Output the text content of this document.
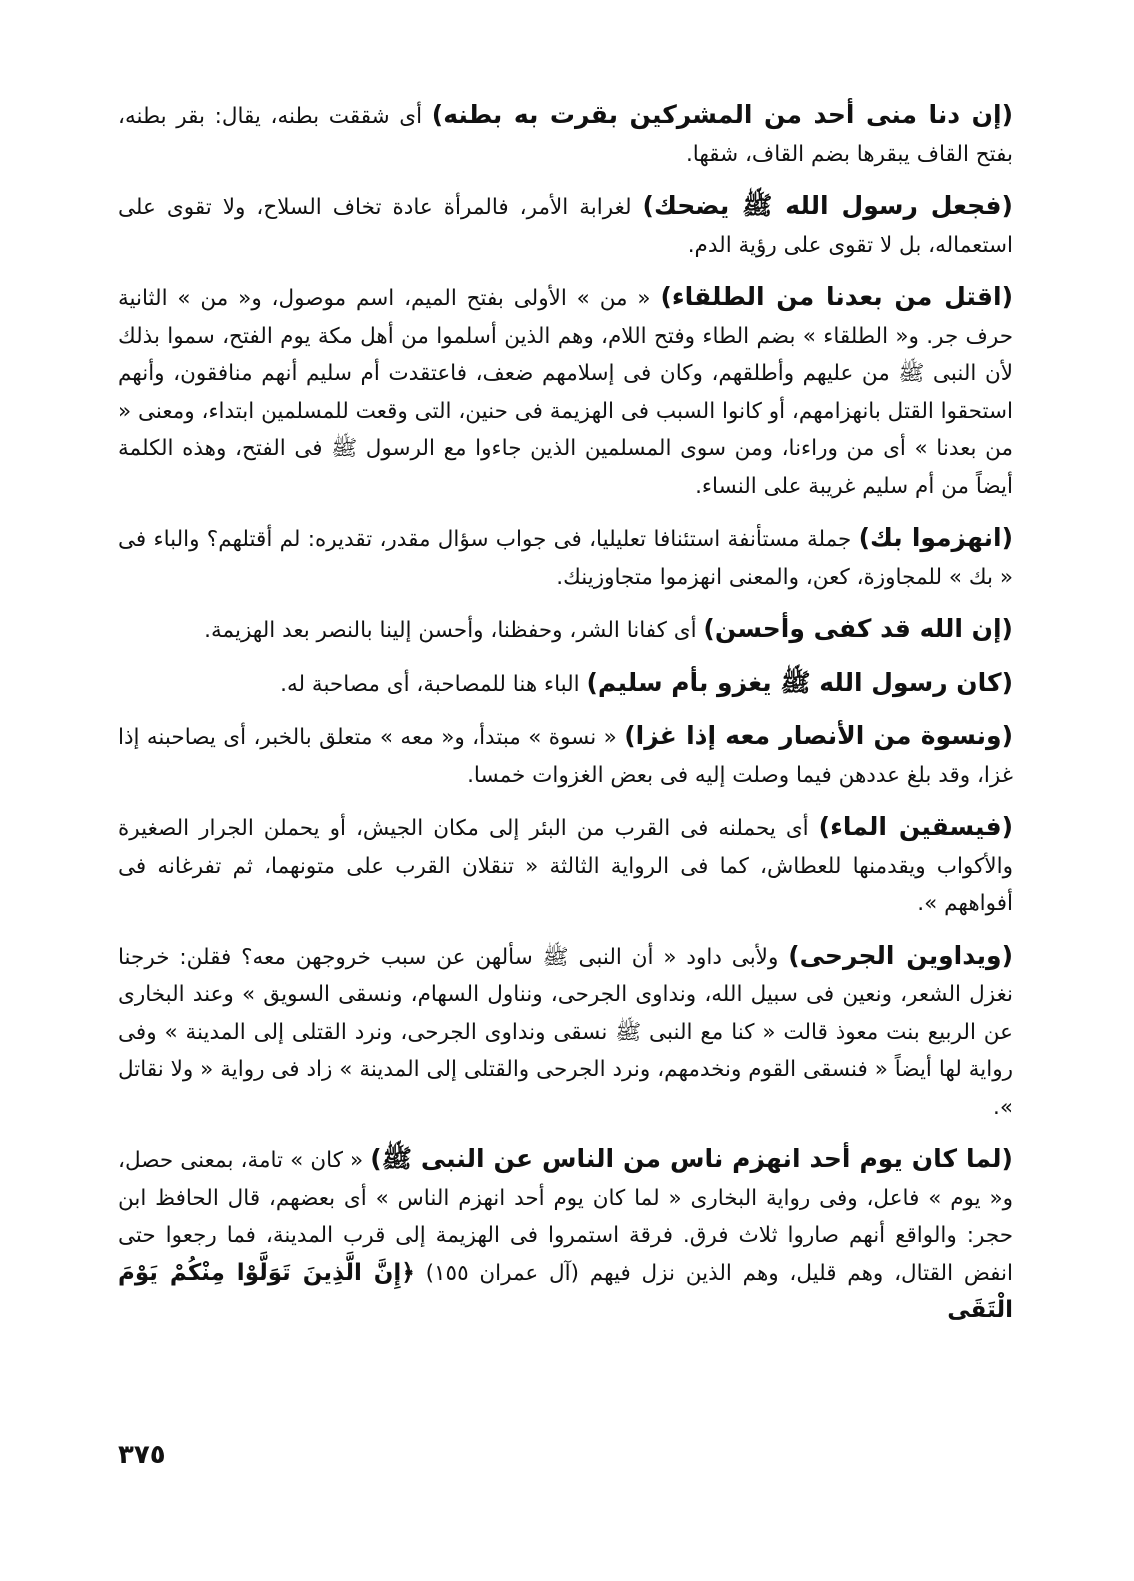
(إن دنا منى أحد من المشركين بقرت به بطنه) أى شققت بطنه، يقال: بقر بطنه، بفتح القاف يبقرها بضم القاف، شقها.

(فجعل رسول الله ﷺ يضحك) لغرابة الأمر، فالمرأة عادة تخاف السلاح، ولا تقوى على استعماله، بل لا تقوى على رؤية الدم.

(اقتل من بعدنا من الطلقاء) « من » الأولى بفتح الميم، اسم موصول، و« من » الثانية حرف جر. و« الطلقاء » بضم الطاء وفتح اللام، وهم الذين أسلموا من أهل مكة يوم الفتح، سموا بذلك لأن النبى ﷺ من عليهم وأطلقهم، وكان فى إسلامهم ضعف، فاعتقدت أم سليم أنهم منافقون، وأنهم استحقوا القتل بانهزامهم، أو كانوا السبب فى الهزيمة فى حنين، التى وقعت للمسلمين ابتداء، ومعنى « من بعدنا » أى من وراءنا، ومن سوى المسلمين الذين جاءوا مع الرسول ﷺ فى الفتح، وهذه الكلمة أيضاً من أم سليم غريبة على النساء.

(انهزموا بك) جملة مستأنفة استئنافا تعليليا، فى جواب سؤال مقدر، تقديره: لم أقتلهم؟ والباء فى « بك » للمجاوزة، كعن، والمعنى انهزموا متجاوزينك.

(إن الله قد كفى وأحسن) أى كفانا الشر، وحفظنا، وأحسن إلينا بالنصر بعد الهزيمة.

(كان رسول الله ﷺ يغزو بأم سليم) الباء هنا للمصاحبة، أى مصاحبة له.

(ونسوة من الأنصار معه إذا غزا) « نسوة » مبتدأ، و« معه » متعلق بالخبر، أى يصاحبنه إذا غزا، وقد بلغ عددهن فيما وصلت إليه فى بعض الغزوات خمسا.

(فيسقين الماء) أى يحملنه فى القرب من البئر إلى مكان الجيش، أو يحملن الجرار الصغيرة والأكواب ويقدمنها للعطاش، كما فى الرواية الثالثة « تنقلان القرب على متونهما، ثم تفرغانه فى أفواههم ».

(ويداوين الجرحى) ولأبى داود « أن النبى ﷺ سألهن عن سبب خروجهن معه؟ فقلن: خرجنا نغزل الشعر، ونعين فى سبيل الله، ونداوى الجرحى، ونناول السهام، ونسقى السويق » وعند البخارى عن الربيع بنت معوذ قالت « كنا مع النبى ﷺ نسقى ونداوى الجرحى، ونرد القتلى إلى المدينة » وفى رواية لها أيضاً « فنسقى القوم ونخدمهم، ونرد الجرحى والقتلى إلى المدينة » زاد فى رواية « ولا نقاتل ».

(لما كان يوم أحد انهزم ناس من الناس عن النبى ﷺ) « كان » تامة، بمعنى حصل، و« يوم » فاعل، وفى رواية البخارى « لما كان يوم أحد انهزم الناس » أى بعضهم، قال الحافظ ابن حجر: والواقع أنهم صاروا ثلاث فرق. فرقة استمروا فى الهزيمة إلى قرب المدينة، فما رجعوا حتى انفض القتال، وهم قليل، وهم الذين نزل فيهم (آل عمران ١٥٥) ﴿إِنَّ الَّذِينَ تَوَلَّوْا مِنْكُمْ يَوْمَ الْتَقَى

٣٧٥
